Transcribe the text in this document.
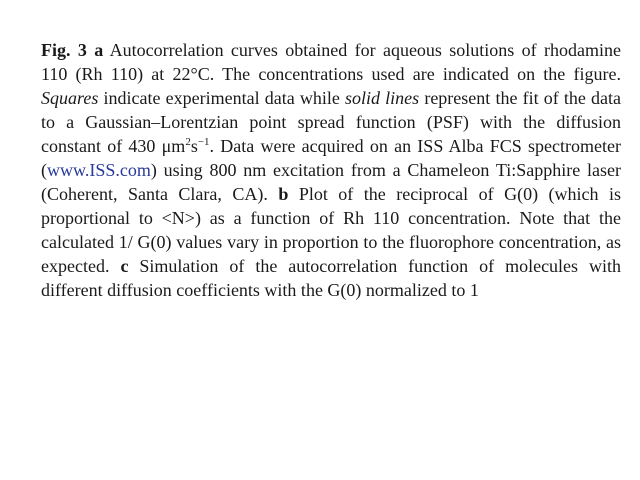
Fig. 3 a Autocorrelation curves obtained for aqueous solutions of rhodamine 110 (Rh 110) at 22°C. The concentrations used are indicated on the figure. Squares indicate experimental data while solid lines represent the fit of the data to a Gaussian–Lorentzian point spread function (PSF) with the diffusion constant of 430 $\mu m^2s^{-1}$. Data were acquired on an ISS Alba FCS spectrometer (www.ISS.com) using 800 nm excitation from a Chameleon Ti:Sapphire laser (Coherent, Santa Clara, CA). b Plot of the reciprocal of G(0) (which is proportional to <N>) as a function of Rh 110 concentration. Note that the calculated 1/ G(0) values vary in proportion to the fluorophore concentration, as expected. c Simulation of the autocorrelation function of molecules with different diffusion coefficients with the G(0) normalized to 1
